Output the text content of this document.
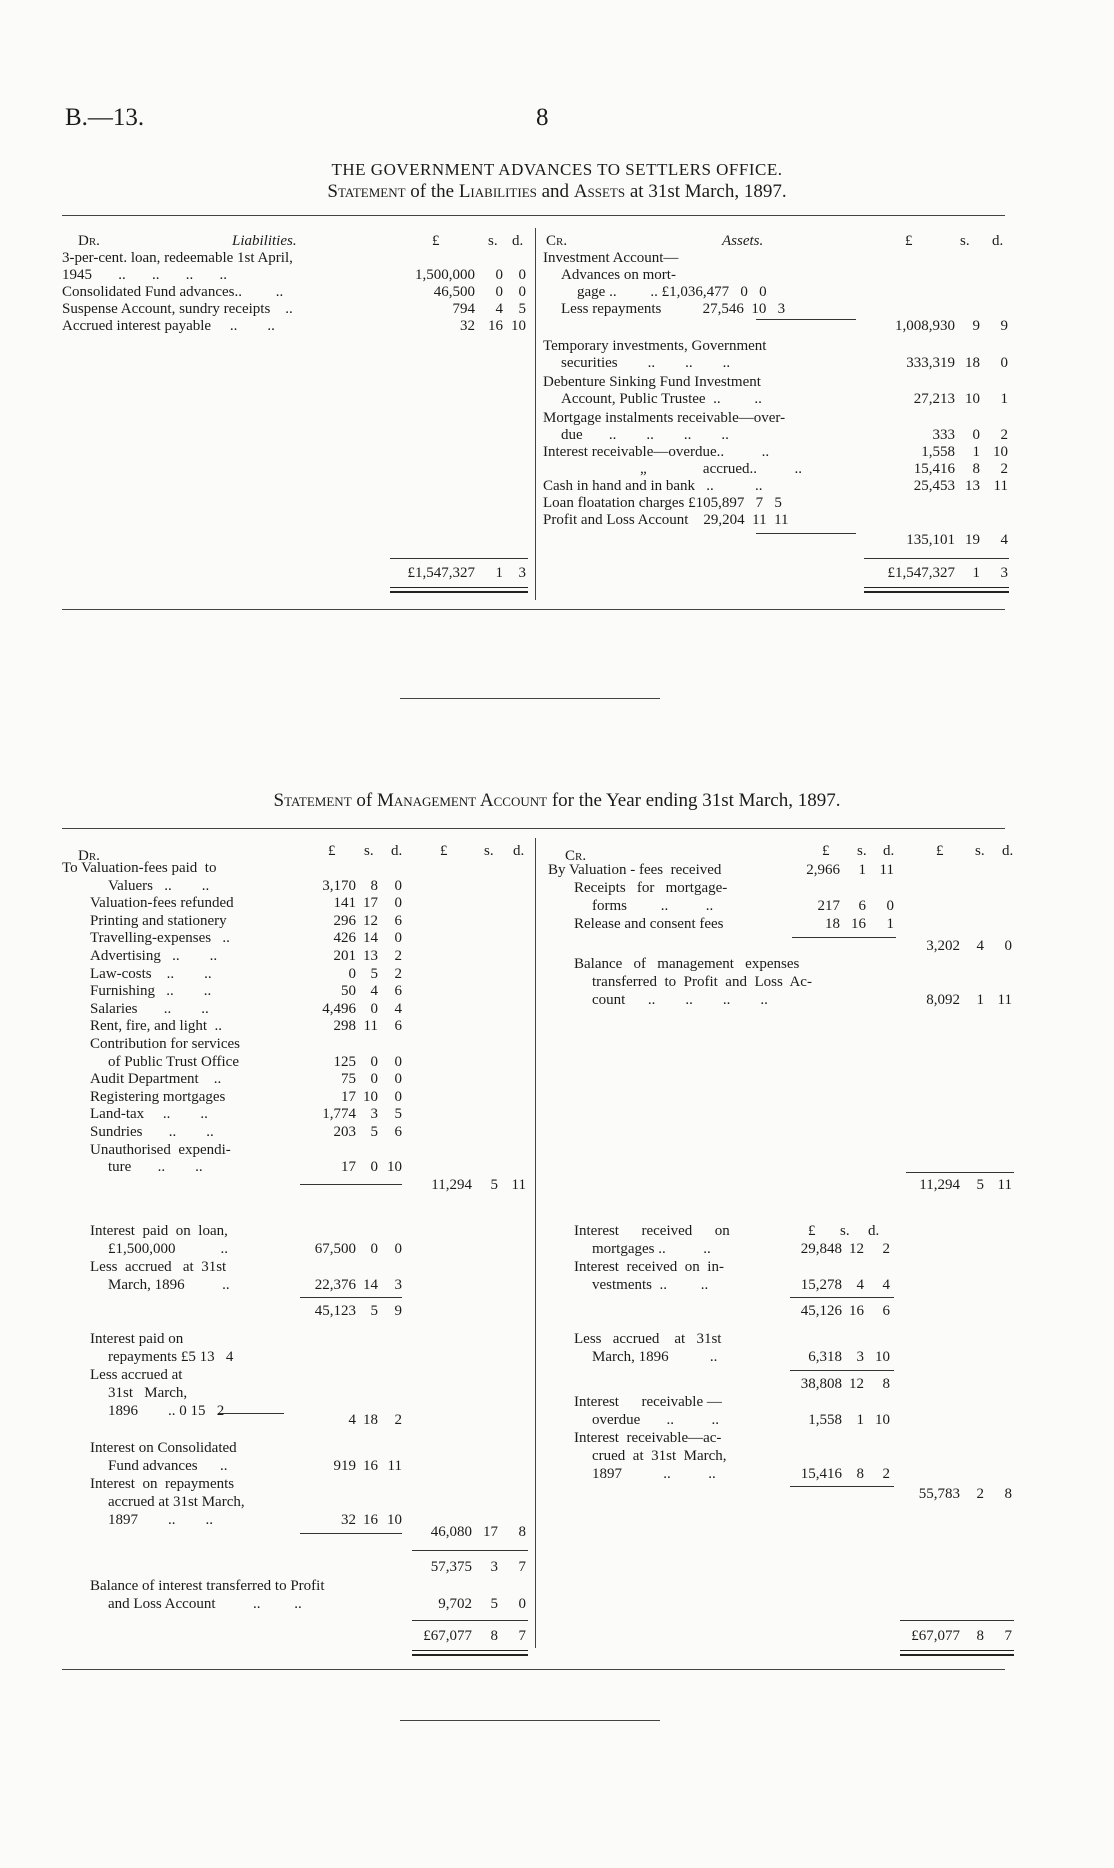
B.—13.	8
THE GOVERNMENT ADVANCES TO SETTLERS OFFICE.
Statement of the Liabilities and Assets at 31st March, 1897.
Dr.	Liabilities.	£	s. d.
3-per-cent. loan, redeemable 1st April,
1945       ..       ..       ..       ..	1,500,000	0	0
Consolidated Fund advances..         ..	46,500	0	0
Suspense Account, sundry receipts    ..	794	4	5
Accrued interest payable     ..        ..	32 16 10
£1,547,327	1	3
Cr.	Assets.	£	s. d.
Investment Account—
Advances on mort-
gage ..         .. £1,036,477   0   0
Less repayments           27,546  10   3
1,008,930	9	9
Temporary investments, Government
securities        ..        ..        ..	333,319 18	0
Debenture Sinking Fund Investment
Account, Public Trustee  ..         ..	27,213 10	1
Mortgage instalments receivable—over-
due       ..        ..        ..        ..	333	0	2
Interest receivable—overdue..          ..	1,558	1 10
„               accrued..          ..	15,416	8	2
Cash in hand and in bank   ..           ..	25,453 13 11
Loan floatation charges £105,897   7   5
Profit and Loss Account    29,204  11  11
135,101 19	4
£1,547,327	1	3
Statement of Management Account for the Year ending 31st March, 1897.
Dr.	£ s. d.	£ s. d.
To Valuation-fees paid  to
Valuers   ..        ..	3,170 8	0
Valuation-fees refunded	141 17	0
Printing and stationery	296 12	6
Travelling-expenses   ..	426 14	0
Advertising   ..        ..	201 13	2
Law-costs    ..        ..	0 5	2
Furnishing   ..        ..	50 4	6
Salaries       ..        ..	4,496 0	4
Rent, fire, and light  ..	298 11	6
Contribution for services
of Public Trust Office	125 0	0
Audit Department    ..	75 0	0
Registering mortgages	17 10	0
Land-tax     ..        ..	1,774 3	5
Sundries       ..        ..	203 5	6
Unauthorised  expendi-
ture       ..        ..	17 0 10
11,294	5 11
Interest  paid  on  loan,
£1,500,000            ..	67,500 0	0
Less  accrued   at  31st
March, 1896          ..	22,376 14	3
Interest paid on
repayments £5 13   4
Less accrued at
31st   March,
1896        .. 0 15   2
Interest on Consolidated
Fund advances      ..	919 16 11
Interest  on  repayments
accrued at 31st March,
1897        ..        ..	32 16 10
45,123 5	9
4 18	2
46,080 17	8
57,375	3	7
Balance of interest transferred to Profit
and Loss Account          ..         ..	9,702	5	0
£67,077	8	7
Cr.	£ s. d.	£ s. d.
By Valuation - fees  received	2,966	1 11
Receipts   for   mortgage-
forms         ..          ..	217	6	0
Release and consent fees	18 16	1
3,202	4	0
Balance   of   management   expenses
transferred  to  Profit  and  Loss  Ac-
count      ..        ..        ..        ..	8,092	1 11
11,294	5 11
Interest      received      on	£ s. d.
mortgages ..          ..	29,848 12	2
Interest  received  on  in-
vestments  ..         ..	15,278 4	4
45,126 16	6
Less   accrued    at   31st
March, 1896           ..	6,318 3 10
38,808 12	8
Interest      receivable —
overdue       ..          ..	1,558 1 10
Interest  receivable—ac-
crued  at  31st  March,
1897           ..          ..	15,416 8	2
55,783	2	8
£67,077	8	7
